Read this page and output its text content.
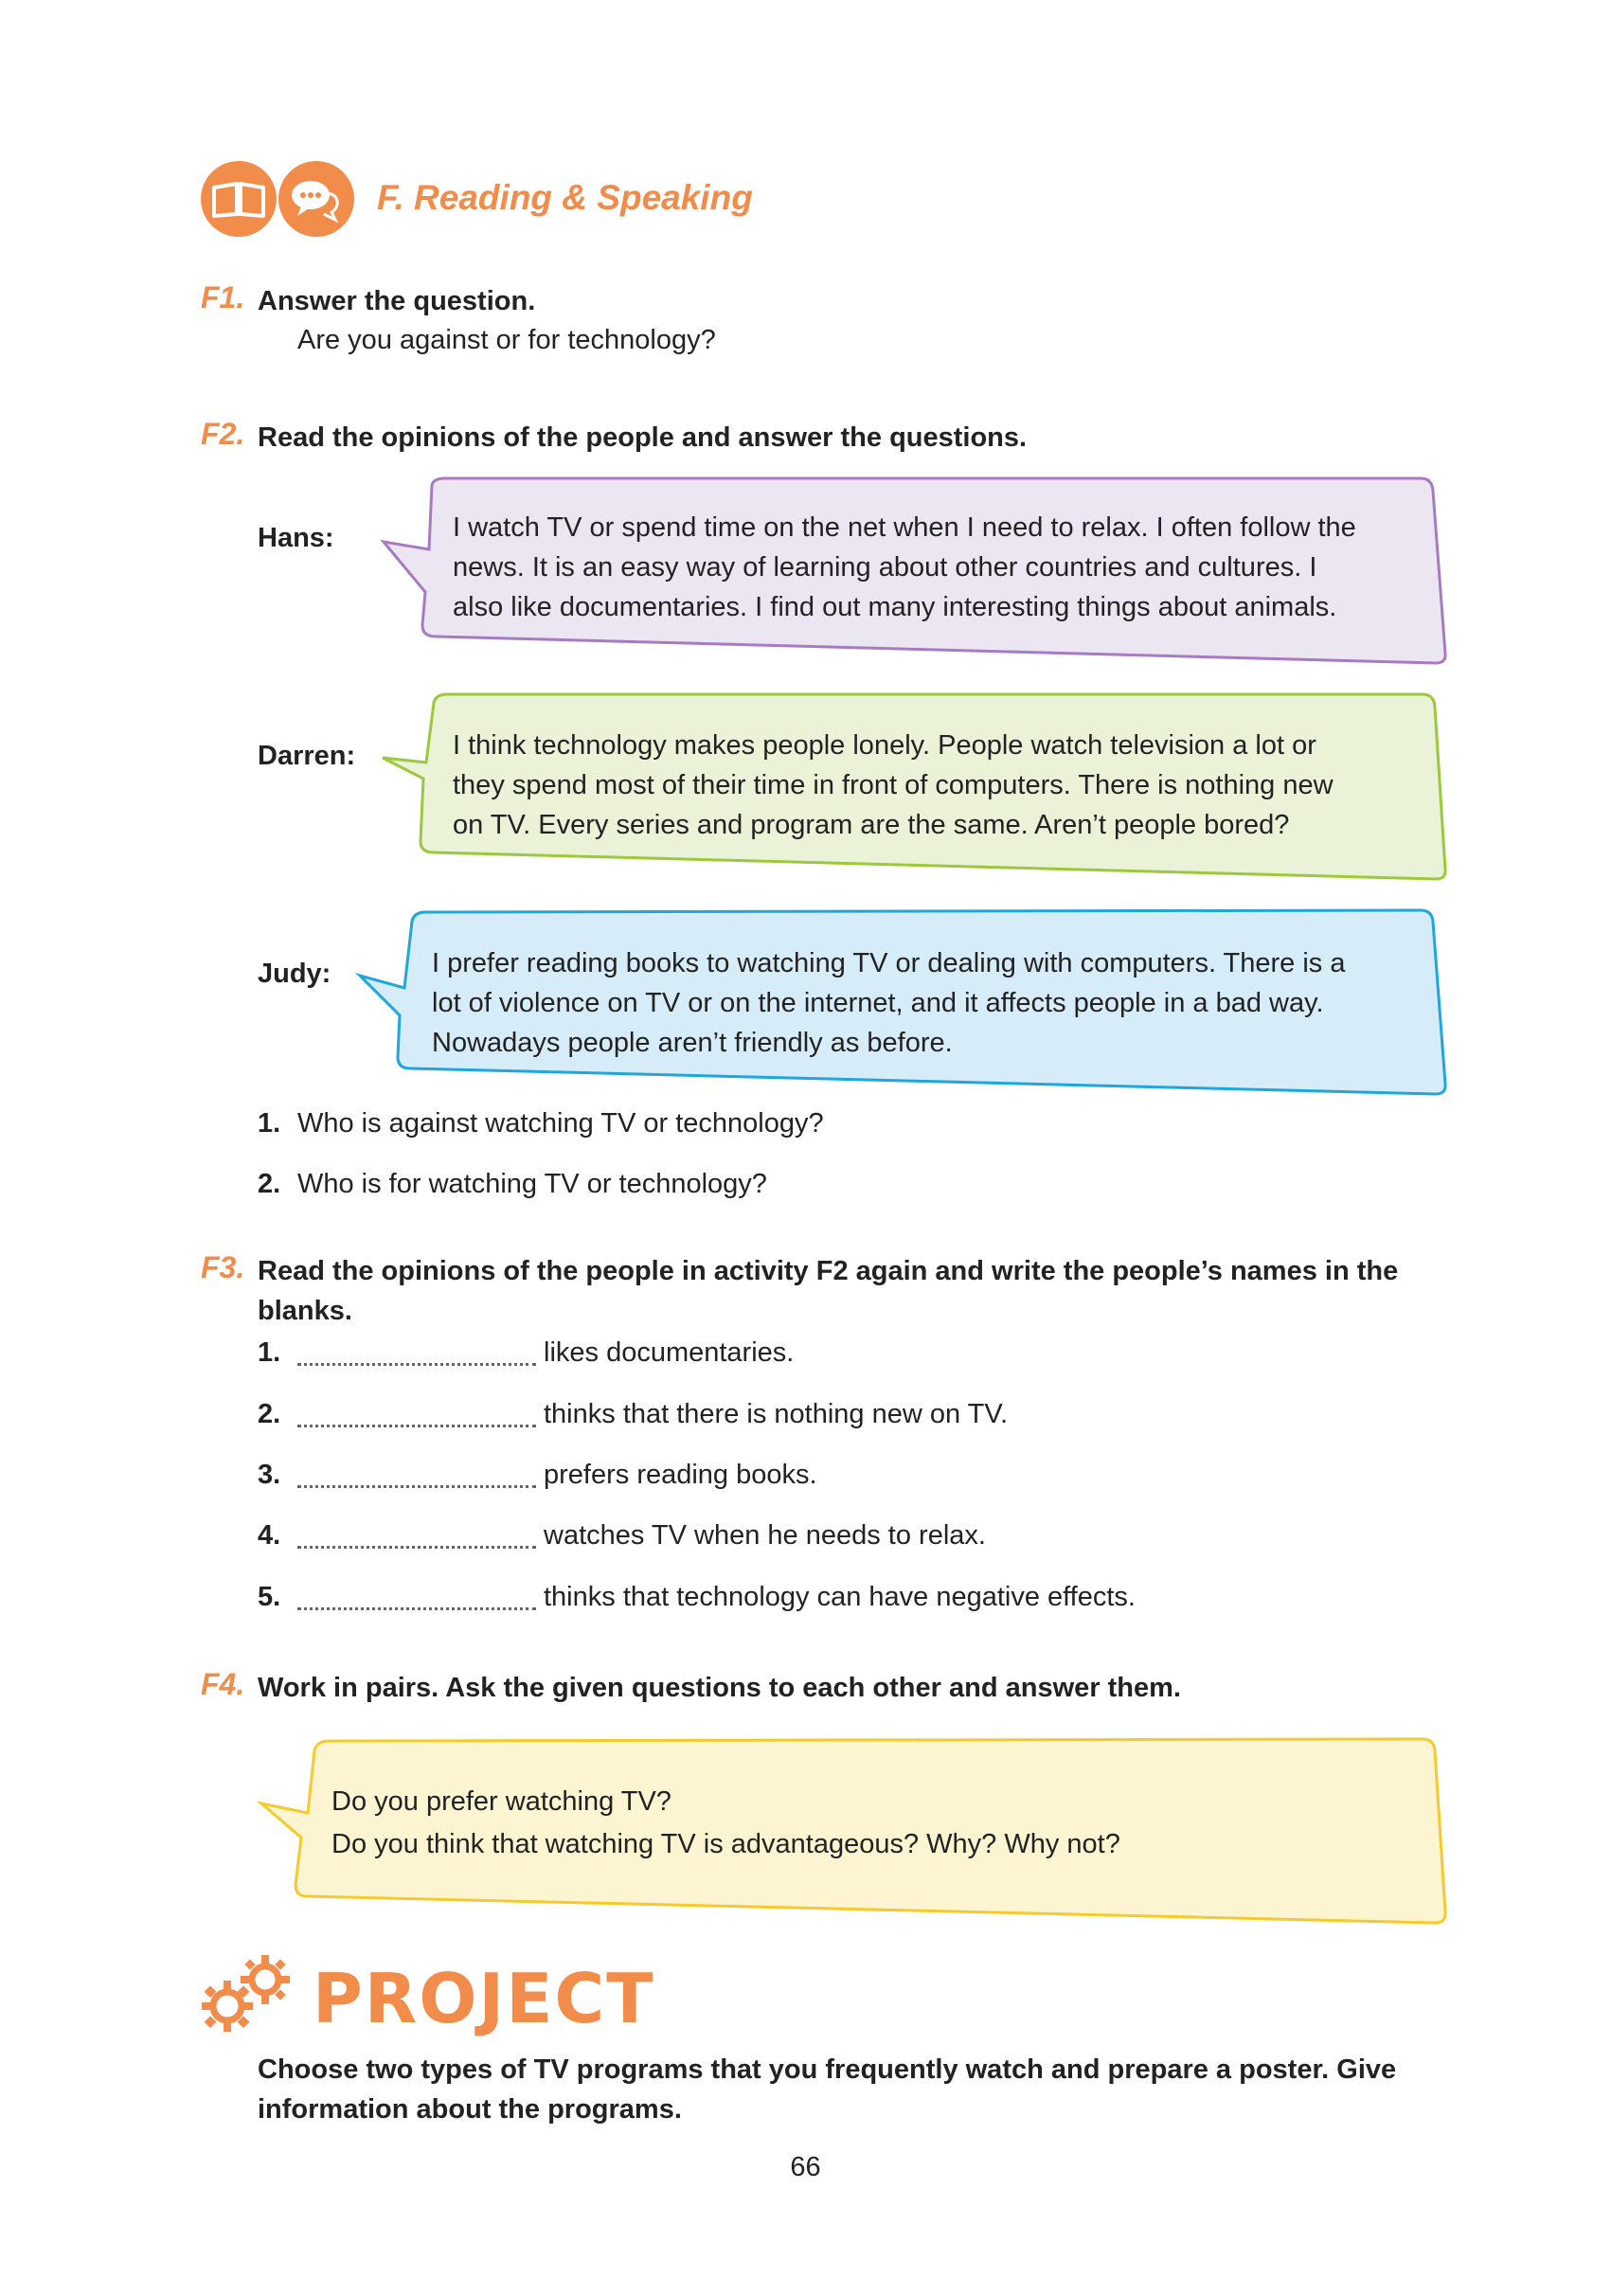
F. Reading & Speaking
F1. Answer the question.
Are you against or for technology?
F2. Read the opinions of the people and answer the questions.
Hans:	I watch TV or spend time on the net when I need to relax. I often follow the
news. It is an easy way of learning about other countries and cultures. I
also like documentaries. I find out many interesting things about animals.
Darren:	I think technology makes people lonely. People watch television a lot or
they spend most of their time in front of computers. There is nothing new
on TV. Every series and program are the same. Aren’t people bored?
Judy:	I prefer reading books to watching TV or dealing with computers. There is a
lot of violence on TV or on the internet, and it affects people in a bad way.
Nowadays people aren’t friendly as before.
1. Who is against watching TV or technology?
2. Who is for watching TV or technology?
F3. Read the opinions of the people in activity F2 again and write the people’s names in the
blanks.
1.	likes documentaries.
2.	thinks that there is nothing new on TV.
3.	prefers reading books.
4.	watches TV when he needs to relax.
5.	thinks that technology can have negative effects.
F4. Work in pairs. Ask the given questions to each other and answer them.
Do you prefer watching TV?
Do you think that watching TV is advantageous? Why? Why not?
PROJECT
Choose two types of TV programs that you frequently watch and prepare a poster. Give
information about the programs.
66
